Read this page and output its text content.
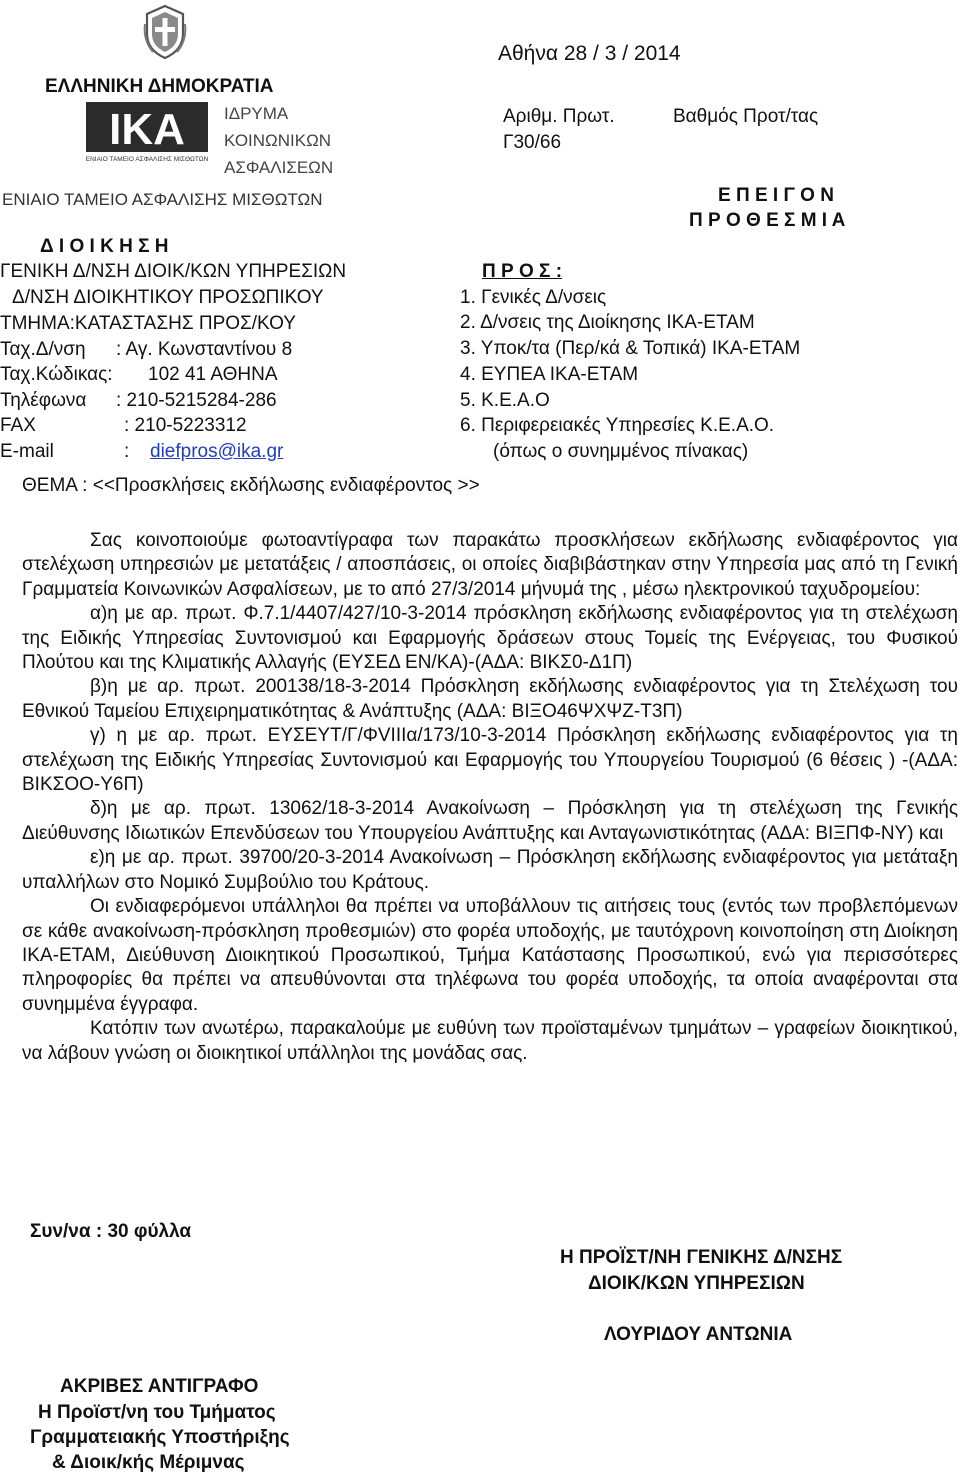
ΕΛΛΗΝΙΚΗ ΔΗΜΟΚΡΑΤΙΑ
ΙΚΑ
ΕΝΙΑΙΟ ΤΑΜΕΙΟ ΑΣΦΑΛΙΣΗΣ ΜΙΣΘΩΤΩΝ
ΙΔΡΥΜΑ
ΚΟΙΝΩΝΙΚΩΝ
ΑΣΦΑΛΙΣΕΩΝ
ΕΝΙΑΙΟ ΤΑΜΕΙΟ ΑΣΦΑΛΙΣΗΣ ΜΙΣΘΩΤΩΝ
Δ Ι Ο Ι Κ Η Σ Η
ΓΕΝΙΚΗ Δ/ΝΣΗ ΔΙΟΙΚ/ΚΩΝ ΥΠΗΡΕΣΙΩΝ
Δ/ΝΣΗ ΔΙΟΙΚΗΤΙΚΟΥ ΠΡΟΣΩΠΙΚΟΥ
ΤΜΗΜΑ:ΚΑΤΑΣΤΑΣΗΣ ΠΡΟΣ/ΚΟΥ
Ταχ.Δ/νση : Αγ. Κωνσταντίνου 8
Ταχ.Κώδικας: 102 41 ΑΘΗΝΑ
Τηλέφωνα : 210-5215284-286
FAX	: 210-5223312
E-mail	: diefpros@ika.gr
Αθήνα 28 / 3 / 2014
Αριθμ. Πρωτ.
Γ30/66
Βαθμός Προτ/τας
Ε Π Ε Ι Γ Ο Ν
Π Ρ Ο Θ Ε Σ Μ Ι Α
Π Ρ Ο Σ :
1. Γενικές Δ/νσεις
2. Δ/νσεις της Διοίκησης ΙΚΑ-ΕΤΑΜ
3. Υποκ/τα (Περ/κά & Τοπικά) ΙΚΑ-ΕΤΑΜ
4. ΕΥΠΕΑ ΙΚΑ-ΕΤΑΜ
5. Κ.Ε.Α.Ο
6. Περιφερειακές Υπηρεσίες Κ.Ε.Α.Ο.
(όπως ο συνημμένος πίνακας)
ΘΕΜΑ : <<Προσκλήσεις εκδήλωσης ενδιαφέροντος >>

Σας κοινοποιούμε φωτοαντίγραφα των παρακάτω προσκλήσεων εκδήλωσης ενδιαφέροντος για στελέχωση υπηρεσιών με μετατάξεις / αποσπάσεις, οι οποίες διαβιβάστηκαν στην Υπηρεσία μας από τη Γενική Γραμματεία Κοινωνικών Ασφαλίσεων, με το από 27/3/2014 μήνυμά της , μέσω ηλεκτρονικού ταχυδρομείου:

α)η με αρ. πρωτ. Φ.7.1/4407/427/10-3-2014 πρόσκληση εκδήλωσης ενδιαφέροντος για τη στελέχωση της Ειδικής Υπηρεσίας Συντονισμού και Εφαρμογής δράσεων στους Τομείς της Ενέργειας, του Φυσικού Πλούτου και της Κλιματικής Αλλαγής (ΕΥΣΕΔ ΕΝ/ΚΑ)-(ΑΔΑ: ΒΙΚΣ0-Δ1Π)

β)η με αρ. πρωτ. 200138/18-3-2014 Πρόσκληση εκδήλωσης ενδιαφέροντος για τη Στελέχωση του Εθνικού Ταμείου Επιχειρηματικότητας & Ανάπτυξης (ΑΔΑ: ΒΙΞΟ46ΨΧΨΖ-Τ3Π)

γ) η με αρ. πρωτ. ΕΥΣΕΥΤ/Γ/ΦVIIIα/173/10-3-2014 Πρόσκληση εκδήλωσης ενδιαφέροντος για τη στελέχωση της Ειδικής Υπηρεσίας Συντονισμού και Εφαρμογής του Υπουργείου Τουρισμού (6 θέσεις ) -(ΑΔΑ: ΒΙΚΣΟΟ-Υ6Π)

δ)η με αρ. πρωτ. 13062/18-3-2014 Ανακοίνωση – Πρόσκληση για τη στελέχωση της Γενικής Διεύθυνσης Ιδιωτικών Επενδύσεων του Υπουργείου Ανάπτυξης και Ανταγωνιστικότητας (ΑΔΑ: ΒΙΞΠΦ-ΝΥ) και

ε)η με αρ. πρωτ. 39700/20-3-2014 Ανακοίνωση – Πρόσκληση εκδήλωσης ενδιαφέροντος για μετάταξη υπαλλήλων στο Νομικό Συμβούλιο του Κράτους.

Οι ενδιαφερόμενοι υπάλληλοι θα πρέπει να υποβάλλουν τις αιτήσεις τους (εντός των προβλεπόμενων σε κάθε ανακοίνωση-πρόσκληση προθεσμιών) στο φορέα υποδοχής, με ταυτόχρονη κοινοποίηση στη Διοίκηση ΙΚΑ-ΕΤΑΜ, Διεύθυνση Διοικητικού Προσωπικού, Τμήμα Κατάστασης Προσωπικού, ενώ για περισσότερες πληροφορίες θα πρέπει να απευθύνονται στα τηλέφωνα του φορέα υποδοχής, τα οποία αναφέρονται στα συνημμένα έγγραφα.

Κατόπιν των ανωτέρω, παρακαλούμε με ευθύνη των προϊσταμένων τμημάτων – γραφείων διοικητικού, να λάβουν γνώση οι διοικητικοί υπάλληλοι της μονάδας σας.

Συν/να : 30 φύλλα
Η ΠΡΟΪΣΤ/ΝΗ ΓΕΝΙΚΗΣ Δ/ΝΣΗΣ
ΔΙΟΙΚ/ΚΩΝ ΥΠΗΡΕΣΙΩΝ
ΛΟΥΡΙΔΟΥ ΑΝΤΩΝΙΑ
ΑΚΡΙΒΕΣ ΑΝΤΙΓΡΑΦΟ
Η Προϊστ/νη του Τμήματος
Γραμματειακής Υποστήριξης
& Διοικ/κής Μέριμνας
